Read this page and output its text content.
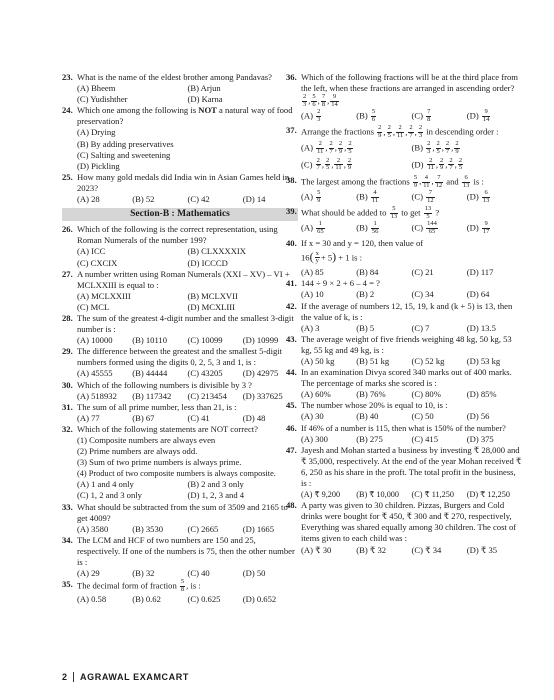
23. What is the name of the eldest brother among Pandavas?
(A) Bheem	(B) Arjun
(C) Yudishther	(D) Karna
24. Which one among the following is NOT a natural way of food preservation?
(A) Drying
(B) By adding preservatives
(C) Salting and sweetening
(D) Pickling
25. How many gold medals did India win in Asian Games held in 2023?
(A) 28	(B) 52	(C) 42	(D) 14
Section-B : Mathematics
26. Which of the following is the correct representation, using Roman Numerals of the number 199?
(A) ICC	(B) CLXXXXIX
(C) CXCIX	(D) ICCCD
27. A number written using Roman Numerals (XXI – XV) – VI + MCLXXIII is equal to :
(A) MCLXXIII	(B) MCLXVII
(C) MCL	(D) MCXLIII
28. The sum of the greatest 4-digit number and the smallest 3-digit number is :
(A) 10000	(B) 10110	(C) 10099	(D) 10999
29. The difference between the greatest and the smallest 5-digit numbers formed using the digits 0, 2, 5, 3 and 1, is :
(A) 45555	(B) 44444	(C) 43205	(D) 42975
30. Which of the following numbers is divisible by 3 ?
(A) 518932	(B) 117342	(C) 213454	(D) 337625
31. The sum of all prime number, less than 21, is :
(A) 77	(B) 67	(C) 41	(D) 48
32. Which of the following statements are NOT correct?
(1) Composite numbers are always even
(2) Prime numbers are always odd.
(3) Sum of two prime numbers is always prime.
(4) Product of two composite numbers is always composite.
(A) 1 and 4 only	(B) 2 and 3 only
(C) 1, 2 and 3 only	(D) 1, 2, 3 and 4
33. What should be subtracted from the sum of 3509 and 2165 to get 4009?
(A) 3580	(B) 3530	(C) 2665	(D) 1665
34. The LCM and HCF of two numbers are 150 and 25, respectively. If one of the numbers is 75, then the other number is :
(A) 29	(B) 32	(C) 40	(D) 50
35. The decimal form of fraction $\frac{5}{8}$ , is :
(A) 0.58	(B) 0.62	(C) 0.625	(D) 0.652
36. Which of the following fractions will be at the third place from the left, when these fractions are arranged in ascending order?
$\frac{2}{3}$ , $\frac{5}{6}$ , $\frac{7}{8}$ , $\frac{9}{14}$
$(A) \frac{2}{3}$	$(B) \frac{5}{6}$	$(C) \frac{7}{8}$	$(D) \frac{9}{14}$
37. Arrange the fractions $\frac{2}{9}$ , $\frac{2}{5}$ , $\frac{2}{11}$ , $\frac{2}{7}$ , $\frac{2}{3}$ in descending order :
$(A) \frac{2}{11}$ , $\frac{2}{7}$ , $\frac{2}{9}$ , $\frac{2}{5}$	$(B) \frac{2}{3}$ , $\frac{2}{5}$ , $\frac{2}{7}$ , $\frac{2}{9}$
$(C) \frac{2}{7}$ , $\frac{2}{5}$ , $\frac{2}{11}$ , $\frac{2}{9}$	$(D) \frac{2}{11}$ , $\frac{2}{9}$ , $\frac{2}{7}$ , $\frac{2}{5}$
38. The largest among the fractions $\frac{5}{9}$ , $\frac{4}{11}$ , $\frac{7}{12}$ and $\frac{6}{13}$ is :
$(A) \frac{5}{9}$	$(B) \frac{4}{11}$	$(C) \frac{7}{12}$	$(D) \frac{6}{13}$
39. What should be added to $\frac{5}{13}$ to get $\frac{13}{5}$ ?
$(A) \frac{1}{65}$	$(B) \frac{1}{56}$	$(C) \frac{144}{65}$	$(D) \frac{9}{17}$
40. If x = 30 and y = 120, then value of
$16( \frac{x}{y} + 5) + 1$ is :
(A) 85	(B) 84	(C) 21	(D) 117
41. 144 ÷ 9 × 2 + 6 – 4 = ?
(A) 10	(B) 2	(C) 34	(D) 64
42. If the average of numbers 12, 15, 19, k and (k + 5) is 13, then the value of k, is :
(A) 3	(B) 5	(C) 7	(D) 13.5
43. The average weight of five friends weighing 48 kg, 50 kg, 53 kg, 55 kg and 49 kg, is :
(A) 50 kg	(B) 51 kg	(C) 52 kg	(D) 53 kg
44. In an examination Divya scored 340 marks out of 400 marks. The percentage of marks she scored is :
(A) 60%	(B) 76%	(C) 80%	(D) 85%
45. The number whose 20% is equal to 10, is :
(A) 30	(B) 40	(C) 50	(D) 56
46. If 46% of a number is 115, then what is 150% of the number?
(A) 300	(B) 275	(C) 415	(D) 375
47. Jayesh and Mohan started a business by investing ₹ 28,000 and ₹ 35,000, respectively. At the end of the year Mohan received ₹ 6, 250 as his share in the proft. The total profit in the business, is :
(A) ₹ 9,200	(B) ₹ 10,000	(C) ₹ 11,250	(D) ₹ 12,250
48. A party was given to 30 children. Pizzas, Burgers and Cold drinks were bought for ₹ 450, ₹ 300 and ₹ 270, respectively, Everything was shared equally among 30 children. The cost of items given to each child was :
(A) ₹ 30	(B) ₹ 32	(C) ₹ 34	(D) ₹ 35
2 AGRAWAL EXAMCART
